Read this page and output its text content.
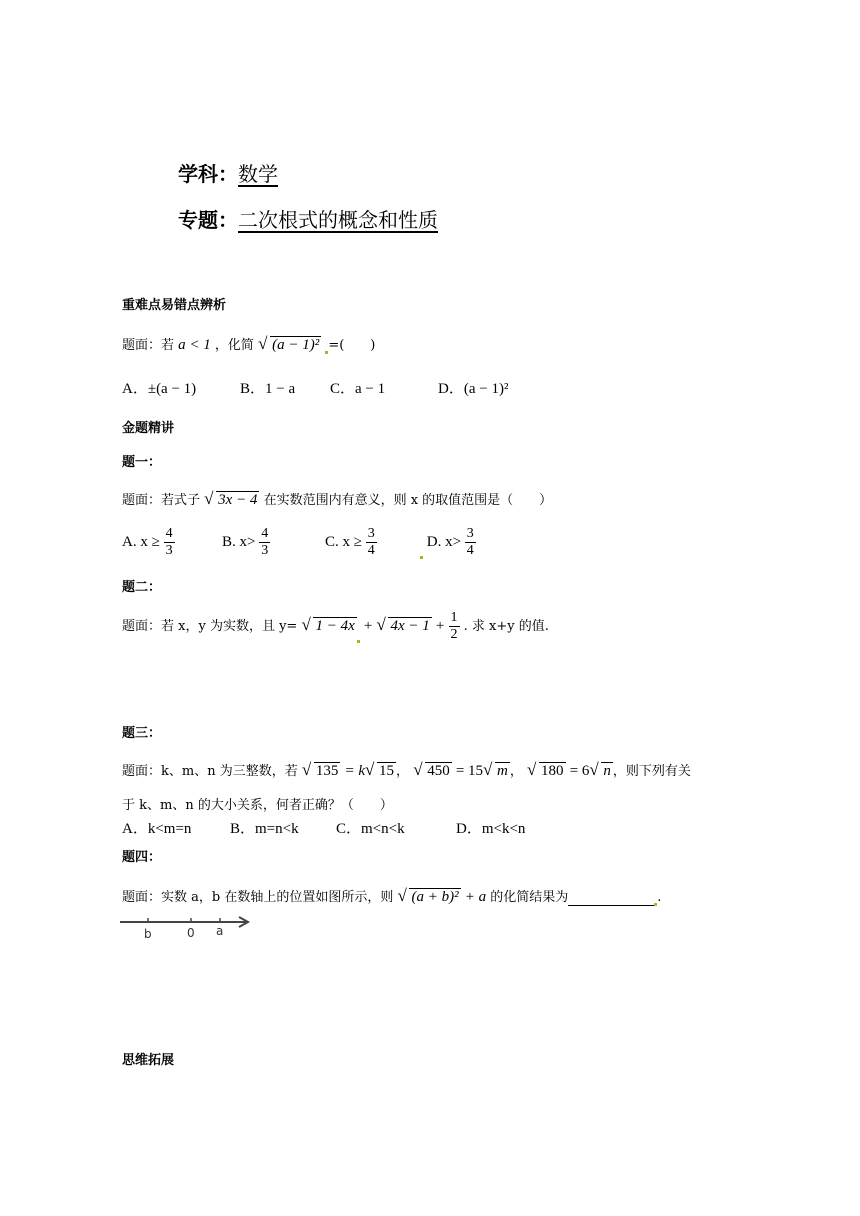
学科：数学
专题：二次根式的概念和性质
重难点易错点辨析
题面：若 a < 1 ，化简 √ (a − 1)² =(　　)
A．±(a − 1)	B．1 − a C．a − 1	D．(a − 1)²
金题精讲
题一：
题面：若式子 √ 3x − 4 在实数范围内有意义，则 x 的取值范围是（　　）
A. $x \ge \frac{4}{3}$	B. $x> \frac{4}{3}$	C. $x \ge \frac{3}{4}$	D. $x> \frac{3}{4}$
题二：
题面：若 x，y 为实数，且 y= √ 1 − 4x + √ $4x - 1 + \frac{1}{2}$ . 求 x+y 的值.
题三：
题面：k、m、n 为三整数，若 √ 135 = k √ 15 ， √ 450 = 15 √ m ， √ 180 = 6 √ n ，则下列有关
于 k、m、n 的大小关系，何者正确？（　　）
A．k<m=n	B．m=n<k C．m<n<k	D．m<k<n
题四：
题面：实数 a，b 在数轴上的位置如图所示，则 √ (a + b)² + a 的化简结果为	.
b	0 a
思维拓展
